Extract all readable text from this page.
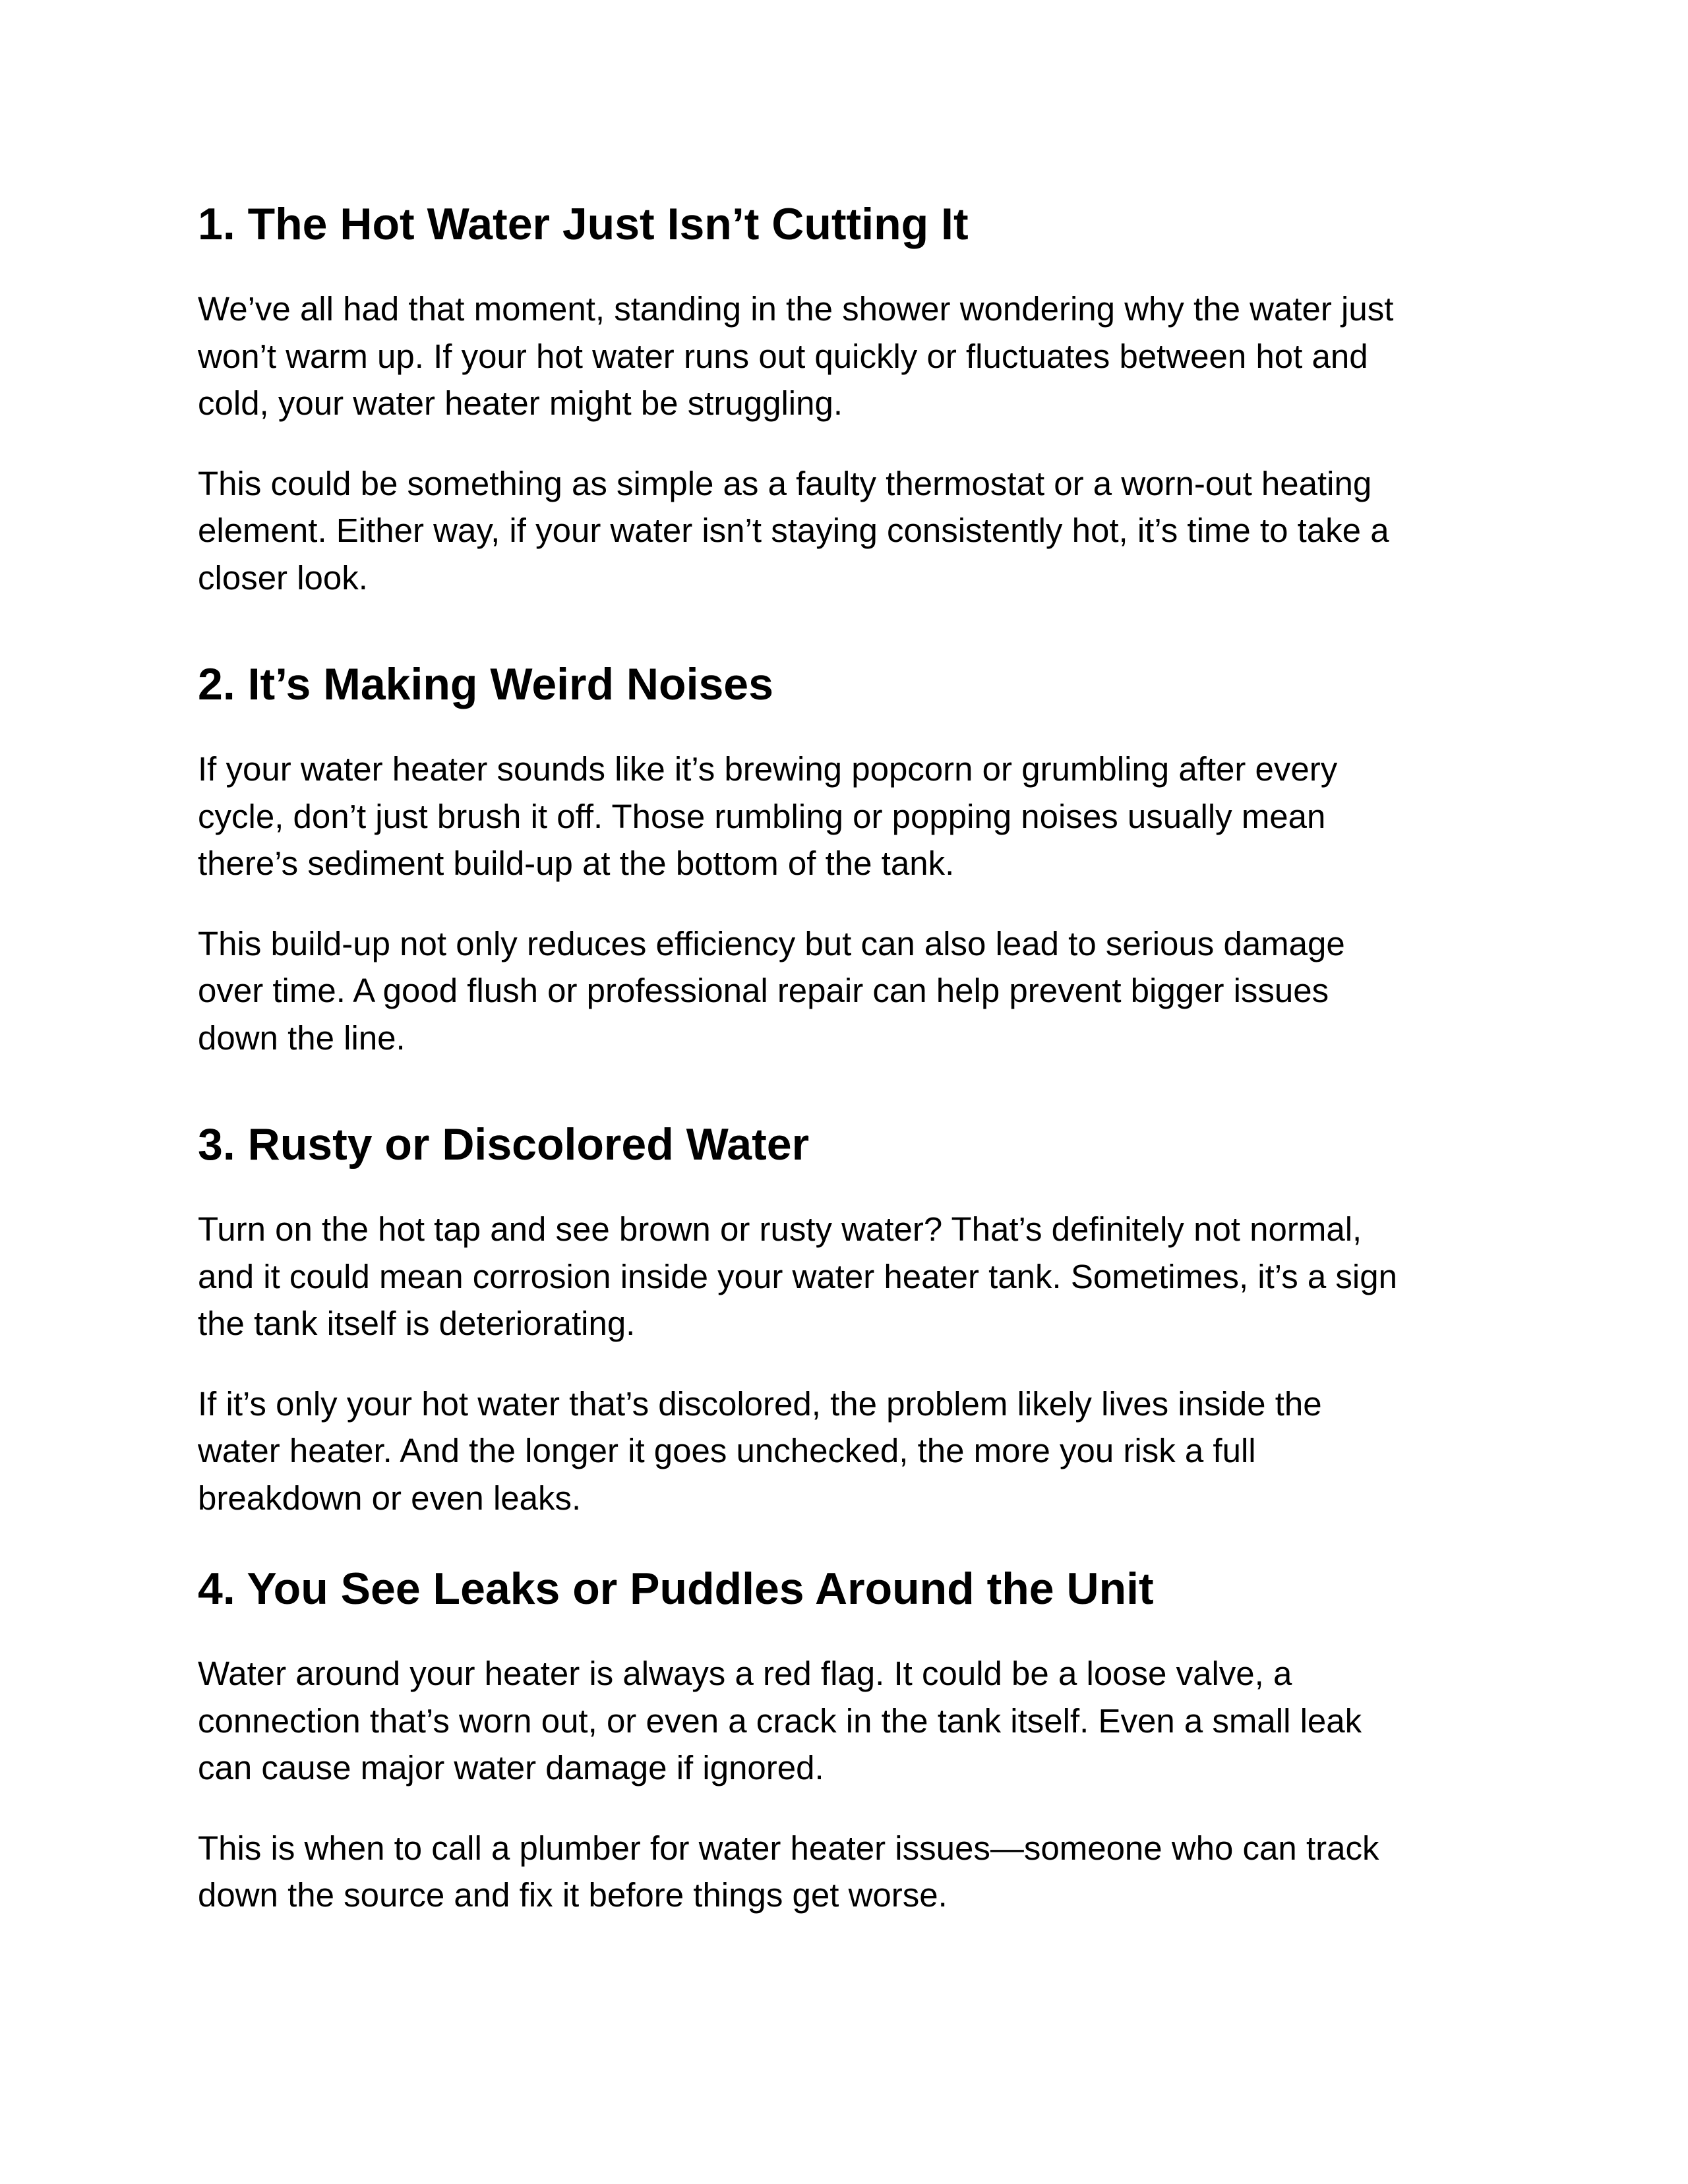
1. The Hot Water Just Isn’t Cutting It

We’ve all had that moment, standing in the shower wondering why the water just
won’t warm up. If your hot water runs out quickly or fluctuates between hot and
cold, your water heater might be struggling.

This could be something as simple as a faulty thermostat or a worn-out heating
element. Either way, if your water isn’t staying consistently hot, it’s time to take a
closer look.

2. It’s Making Weird Noises

If your water heater sounds like it’s brewing popcorn or grumbling after every
cycle, don’t just brush it off. Those rumbling or popping noises usually mean
there’s sediment build-up at the bottom of the tank.

This build-up not only reduces efficiency but can also lead to serious damage
over time. A good flush or professional repair can help prevent bigger issues
down the line.

3. Rusty or Discolored Water

Turn on the hot tap and see brown or rusty water? That’s definitely not normal,
and it could mean corrosion inside your water heater tank. Sometimes, it’s a sign
the tank itself is deteriorating.

If it’s only your hot water that’s discolored, the problem likely lives inside the
water heater. And the longer it goes unchecked, the more you risk a full
breakdown or even leaks.

4. You See Leaks or Puddles Around the Unit

Water around your heater is always a red flag. It could be a loose valve, a
connection that’s worn out, or even a crack in the tank itself. Even a small leak
can cause major water damage if ignored.

This is when to call a plumber for water heater issues—someone who can track
down the source and fix it before things get worse.
